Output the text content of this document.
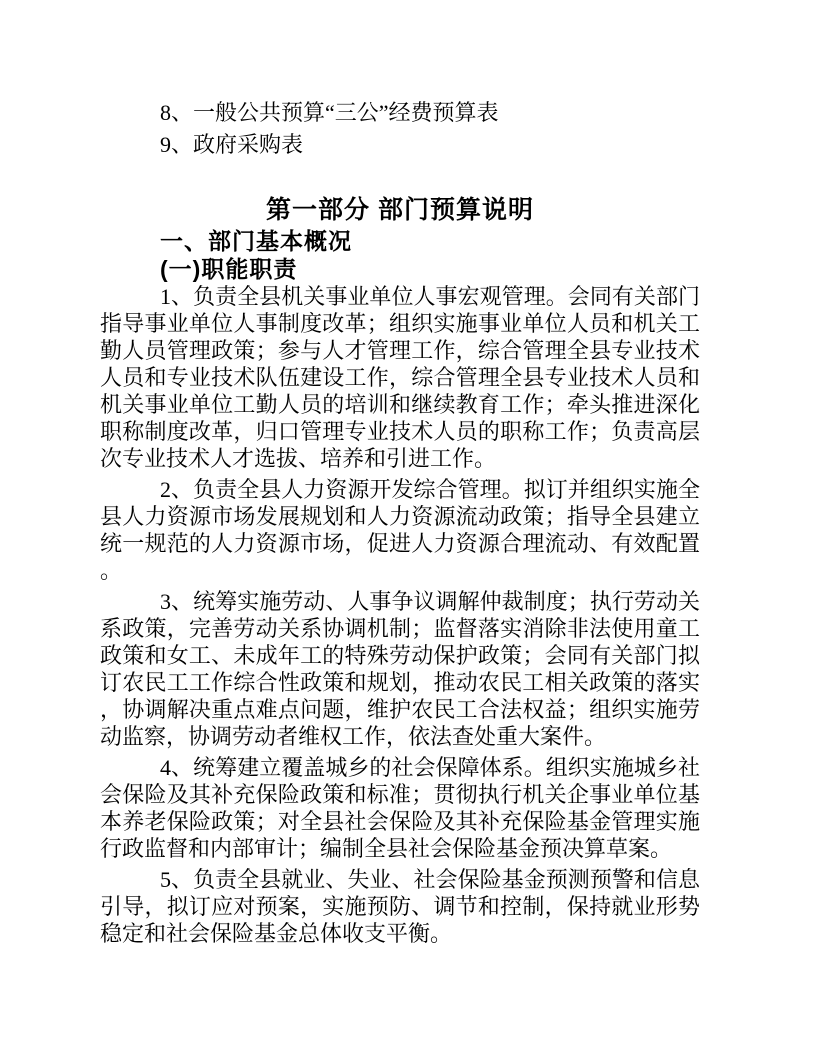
8、一般公共预算“三公”经费预算表
9、政府采购表
第一部分 部门预算说明
一、部门基本概况
(一)职能职责

1、负责全县机关事业单位人事宏观管理。会同有关部门指导事业单位人事制度改革；组织实施事业单位人员和机关工勤人员管理政策；参与人才管理工作，综合管理全县专业技术人员和专业技术队伍建设工作，综合管理全县专业技术人员和机关事业单位工勤人员的培训和继续教育工作；牵头推进深化职称制度改革，归口管理专业技术人员的职称工作；负责高层次专业技术人才选拔、培养和引进工作。

2、负责全县人力资源开发综合管理。拟订并组织实施全县人力资源市场发展规划和人力资源流动政策；指导全县建立统一规范的人力资源市场，促进人力资源合理流动、有效配置。

3、统筹实施劳动、人事争议调解仲裁制度；执行劳动关系政策，完善劳动关系协调机制；监督落实消除非法使用童工政策和女工、未成年工的特殊劳动保护政策；会同有关部门拟订农民工工作综合性政策和规划，推动农民工相关政策的落实，协调解决重点难点问题，维护农民工合法权益；组织实施劳动监察，协调劳动者维权工作，依法查处重大案件。

4、统筹建立覆盖城乡的社会保障体系。组织实施城乡社会保险及其补充保险政策和标准；贯彻执行机关企事业单位基本养老保险政策；对全县社会保险及其补充保险基金管理实施行政监督和内部审计；编制全县社会保险基金预决算草案。

5、负责全县就业、失业、社会保险基金预测预警和信息引导，拟订应对预案，实施预防、调节和控制，保持就业形势稳定和社会保险基金总体收支平衡。
